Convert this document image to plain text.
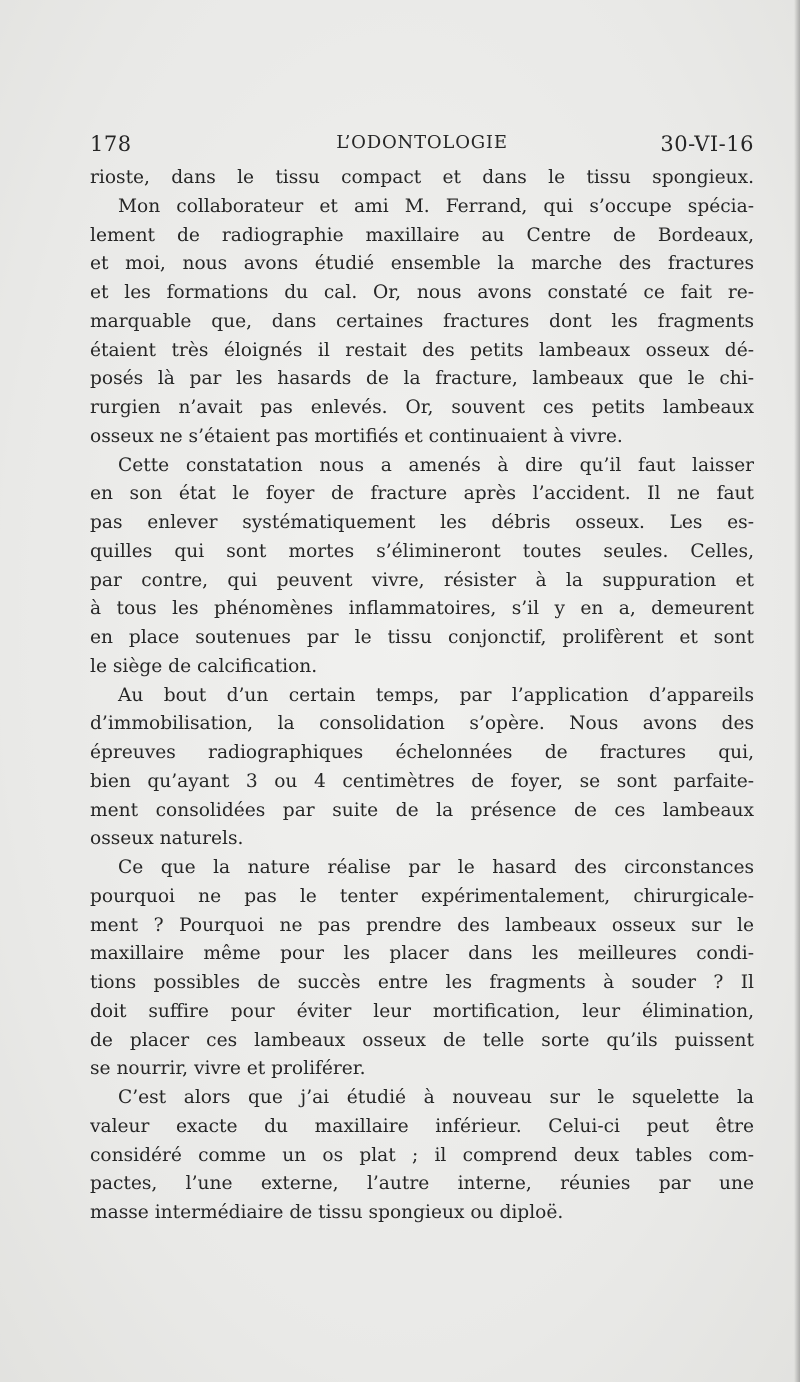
178	L’ODONTOLOGIE	30-VI-16
rioste, dans le tissu compact et dans le tissu spongieux.
Mon collaborateur et ami M. Ferrand, qui s’occupe spécia-
lement de radiographie maxillaire au Centre de Bordeaux,
et moi, nous avons étudié ensemble la marche des fractures
et les formations du cal. Or, nous avons constaté ce fait re-
marquable que, dans certaines fractures dont les fragments
étaient très éloignés il restait des petits lambeaux osseux dé-
posés là par les hasards de la fracture, lambeaux que le chi-
rurgien n’avait pas enlevés. Or, souvent ces petits lambeaux
osseux ne s’étaient pas mortifiés et continuaient à vivre.
Cette constatation nous a amenés à dire qu’il faut laisser
en son état le foyer de fracture après l’accident. Il ne faut
pas enlever systématiquement les débris osseux. Les es-
quilles qui sont mortes s’élimineront toutes seules. Celles,
par contre, qui peuvent vivre, résister à la suppuration et
à tous les phénomènes inflammatoires, s’il y en a, demeurent
en place soutenues par le tissu conjonctif, prolifèrent et sont
le siège de calcification.
Au bout d’un certain temps, par l’application d’appareils
d’immobilisation, la consolidation s’opère. Nous avons des
épreuves radiographiques échelonnées de fractures qui,
bien qu’ayant 3 ou 4 centimètres de foyer, se sont parfaite-
ment consolidées par suite de la présence de ces lambeaux
osseux naturels.
Ce que la nature réalise par le hasard des circonstances
pourquoi ne pas le tenter expérimentalement, chirurgicale-
ment ? Pourquoi ne pas prendre des lambeaux osseux sur le
maxillaire même pour les placer dans les meilleures condi-
tions possibles de succès entre les fragments à souder ? Il
doit suffire pour éviter leur mortification, leur élimination,
de placer ces lambeaux osseux de telle sorte qu’ils puissent
se nourrir, vivre et proliférer.
C’est alors que j’ai étudié à nouveau sur le squelette la
valeur exacte du maxillaire inférieur. Celui-ci peut être
considéré comme un os plat ; il comprend deux tables com-
pactes, l’une externe, l’autre interne, réunies par une
masse intermédiaire de tissu spongieux ou diploë.
